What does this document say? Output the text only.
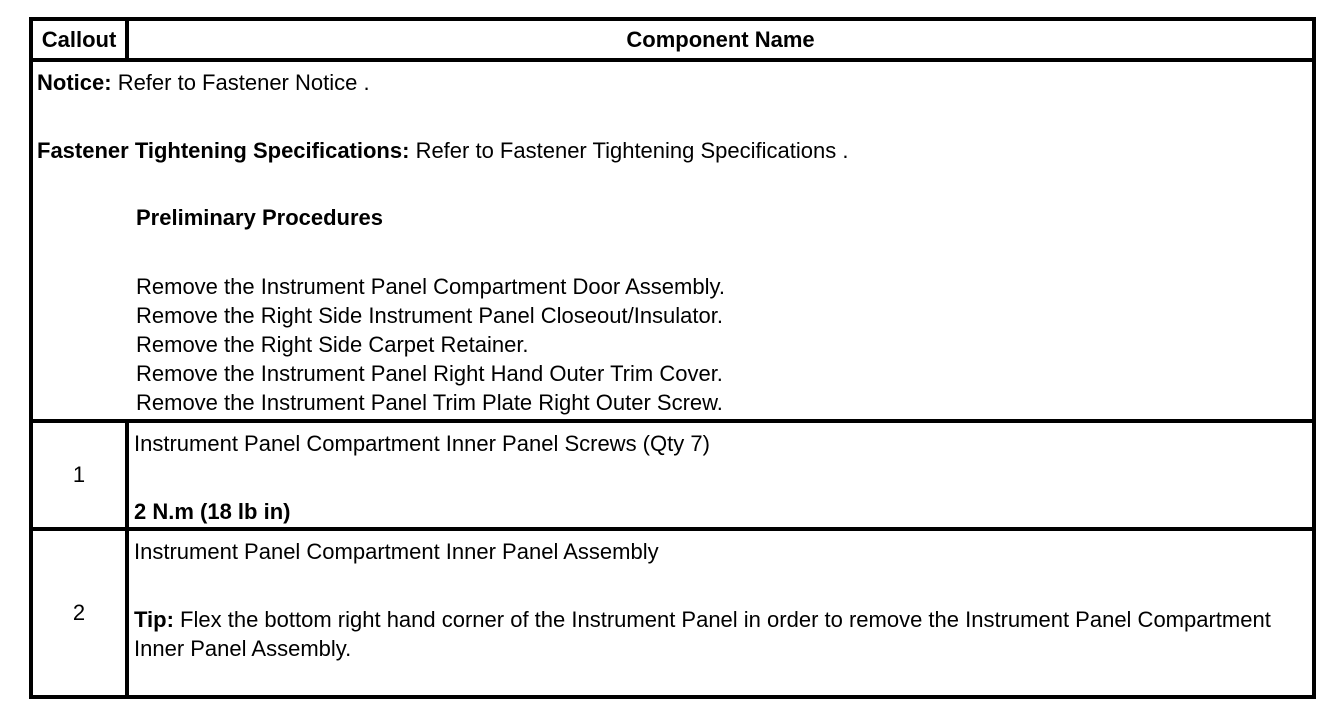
Callout	Component Name
Notice: Refer to Fastener Notice .
Fastener Tightening Specifications: Refer to Fastener Tightening Specifications .
Preliminary Procedures
Remove the Instrument Panel Compartment Door Assembly.
Remove the Right Side Instrument Panel Closeout/Insulator.
Remove the Right Side Carpet Retainer.
Remove the Instrument Panel Right Hand Outer Trim Cover.
Remove the Instrument Panel Trim Plate Right Outer Screw.
1
Instrument Panel Compartment Inner Panel Screws (Qty 7)
2 N.m (18 lb in)
2
Instrument Panel Compartment Inner Panel Assembly
Tip: Flex the bottom right hand corner of the Instrument Panel in order to remove the Instrument Panel Compartment Inner Panel Assembly.
